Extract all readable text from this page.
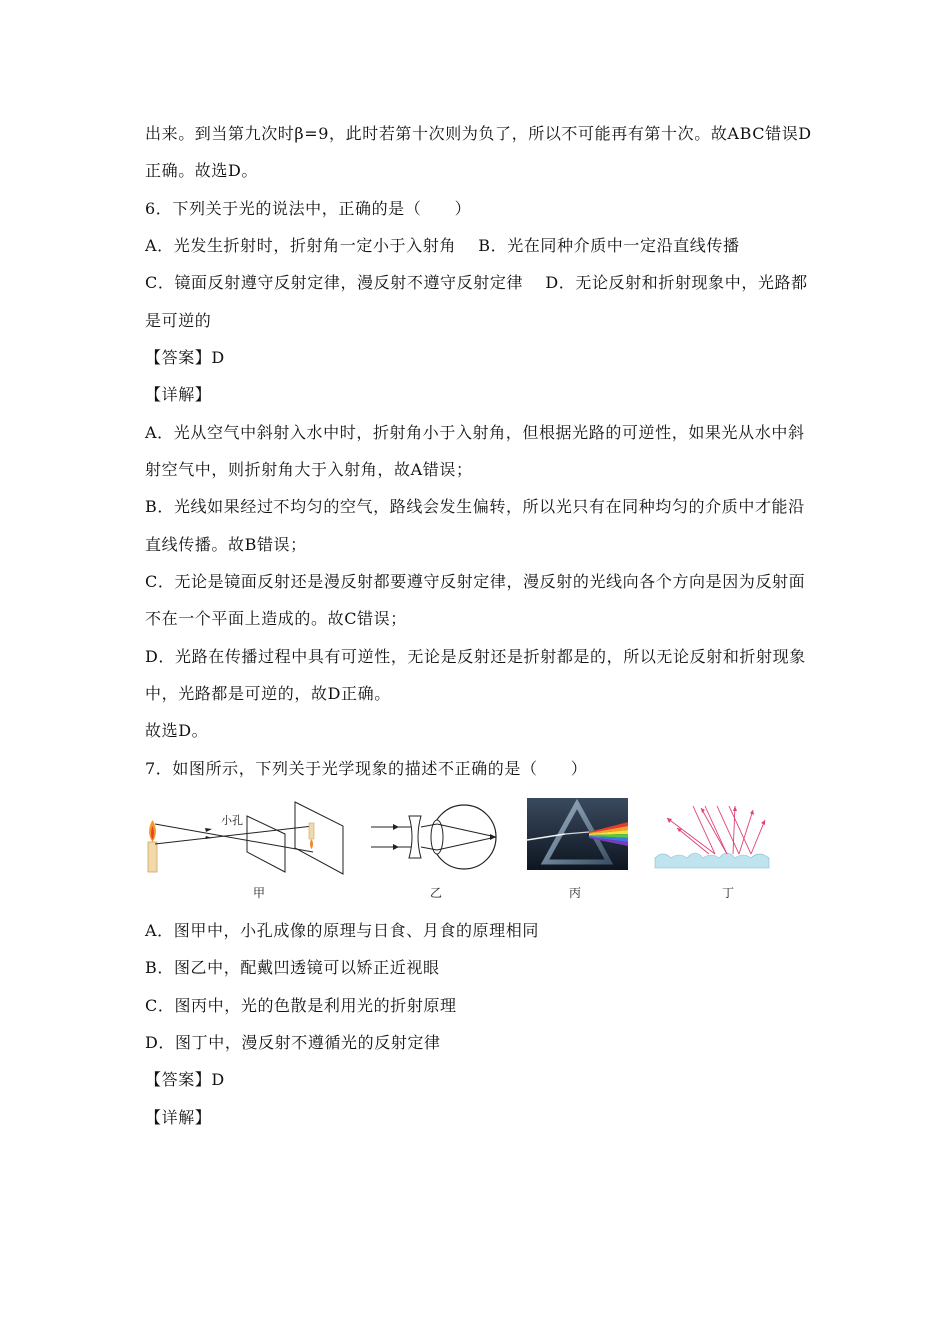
出来。到当第九次时β=9，此时若第十次则为负了，所以不可能再有第十次。故ABC错误D
正确。故选D。
6．下列关于光的说法中，正确的是（　　）
A．光发生折射时，折射角一定小于入射角　 B．光在同种介质中一定沿直线传播
C．镜面反射遵守反射定律，漫反射不遵守反射定律　 D．无论反射和折射现象中，光路都
是可逆的
【答案】D
【详解】
A．光从空气中斜射入水中时，折射角小于入射角，但根据光路的可逆性，如果光从水中斜
射空气中，则折射角大于入射角，故A错误；
B．光线如果经过不均匀的空气，路线会发生偏转，所以光只有在同种均匀的介质中才能沿
直线传播。故B错误；
C．无论是镜面反射还是漫反射都要遵守反射定律，漫反射的光线向各个方向是因为反射面
不在一个平面上造成的。故C错误；
D．光路在传播过程中具有可逆性，无论是反射还是折射都是的，所以无论反射和折射现象
中，光路都是可逆的，故D正确。
故选D。
7．如图所示，下列关于光学现象的描述不正确的是（　　）
小孔
甲	乙	丙	丁
A．图甲中，小孔成像的原理与日食、月食的原理相同
B．图乙中，配戴凹透镜可以矫正近视眼
C．图丙中，光的色散是利用光的折射原理
D．图丁中，漫反射不遵循光的反射定律
【答案】D
【详解】
